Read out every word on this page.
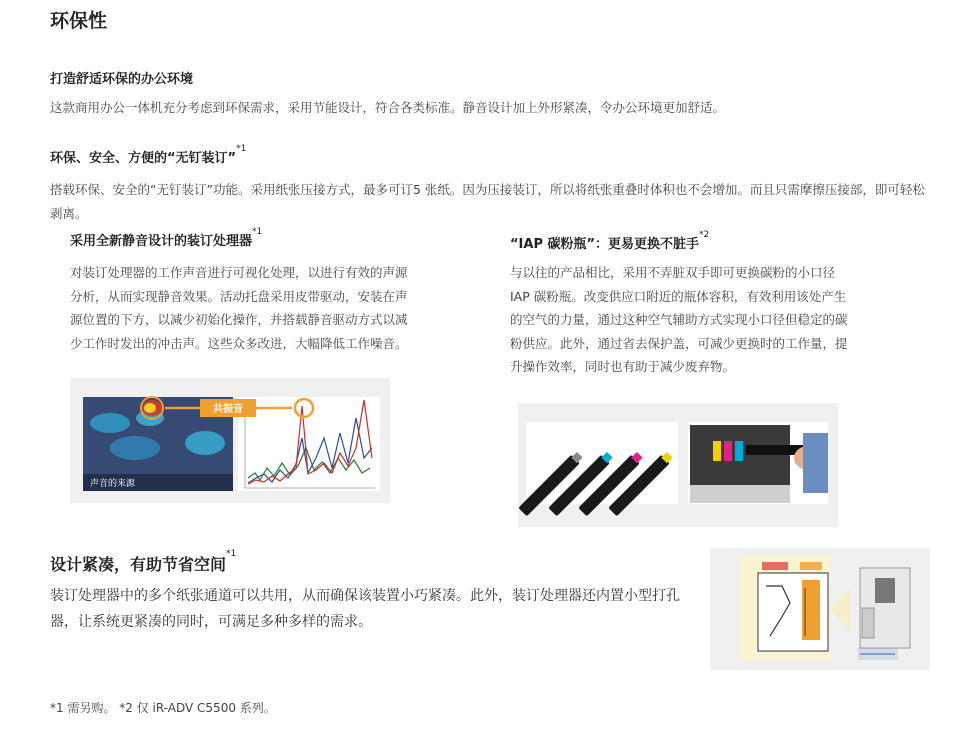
环保性
打造舒适环保的办公环境
这款商用办公一体机充分考虑到环保需求，采用节能设计，符合各类标准。静音设计加上外形紧凑，令办公环境更加舒适。
环保、安全、方便的“无钉装订”$^{*1}$
搭载环保、安全的“无钉装订”功能。采用纸张压接方式，最多可订5 张纸。因为压接装订，所以将纸张重叠时体积也不会增加。而且只需摩擦压接部，即可轻松剥离。
采用全新静音设计的装订处理器$^{*1}$
对装订处理器的工作声音进行可视化处理，以进行有效的声源分析，从而实现静音效果。活动托盘采用皮带驱动，安装在声源位置的下方，以减少初始化操作，并搭载静音驱动方式以减少工作时发出的冲击声。这些众多改进，大幅降低工作噪音。
声音的来源
共振音
“IAP 碳粉瓶”：更易更换不脏手$^{*2}$
与以往的产品相比，采用不弄脏双手即可更换碳粉的小口径 IAP 碳粉瓶。改变供应口附近的瓶体容积，有效利用该处产生的空气的力量，通过这种空气辅助方式实现小口径但稳定的碳粉供应。此外，通过省去保护盖，可减少更换时的工作量，提升操作效率，同时也有助于减少废弃物。
设计紧凑，有助节省空间$^{*1}$
装订处理器中的多个纸张通道可以共用，从而确保该装置小巧紧凑。此外，装订处理器还内置小型打孔器，让系统更紧凑的同时，可满足多种多样的需求。
*1 需另购。 *2 仅 iR-ADV C5500 系列。
